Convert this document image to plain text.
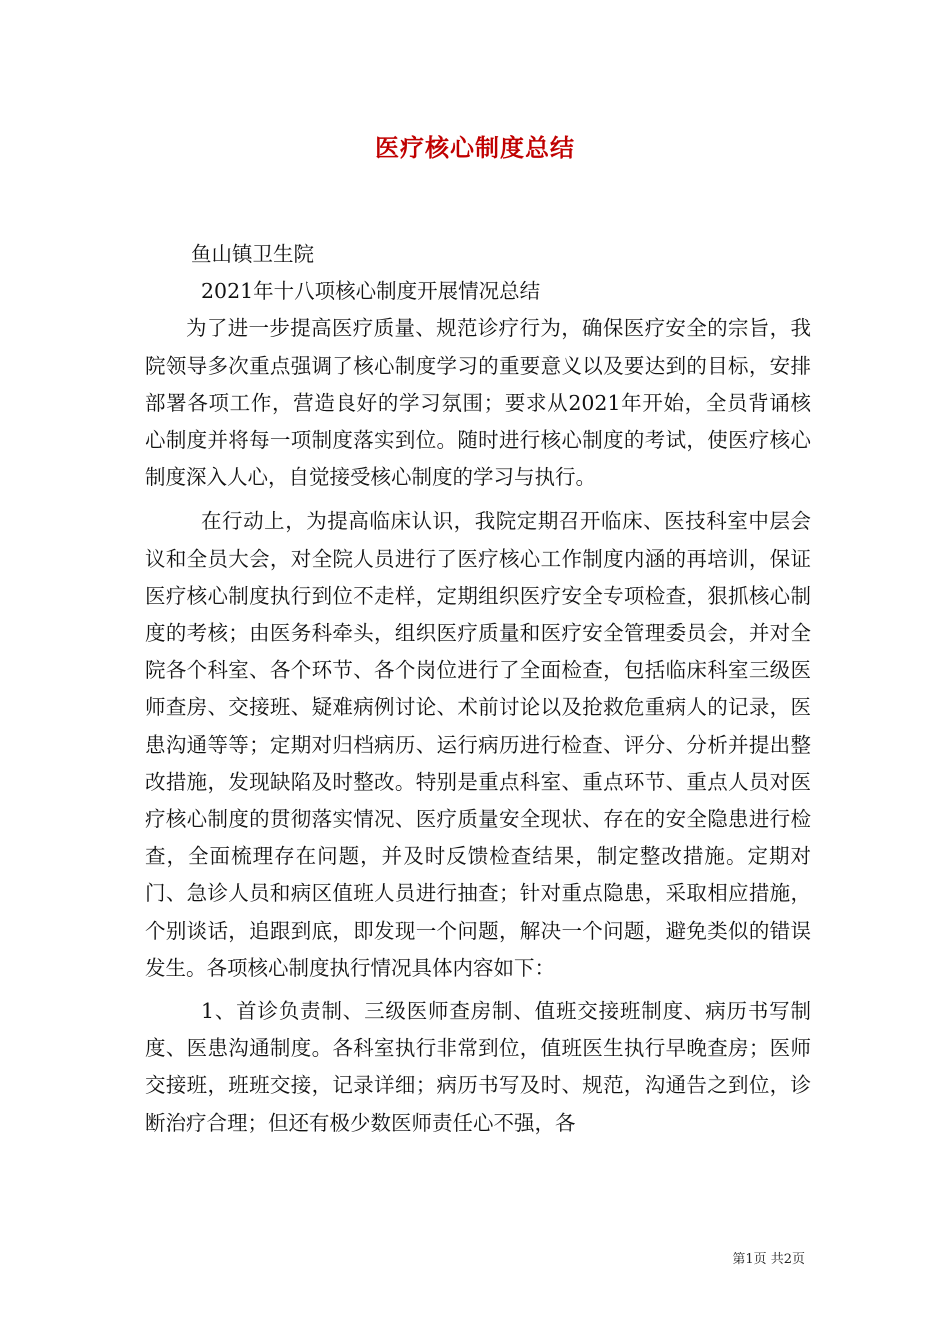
医疗核心制度总结

鱼山镇卫生院

2021年十八项核心制度开展情况总结

为了进一步提高医疗质量、规范诊疗行为，确保医疗安全的宗旨，我院领导多次重点强调了核心制度学习的重要意义以及要达到的目标，安排部署各项工作，营造良好的学习氛围；要求从2021年开始，全员背诵核心制度并将每一项制度落实到位。随时进行核心制度的考试，使医疗核心制度深入人心，自觉接受核心制度的学习与执行。

在行动上，为提高临床认识，我院定期召开临床、医技科室中层会议和全员大会，对全院人员进行了医疗核心工作制度内涵的再培训，保证医疗核心制度执行到位不走样，定期组织医疗安全专项检查，狠抓核心制度的考核；由医务科牵头，组织医疗质量和医疗安全管理委员会，并对全院各个科室、各个环节、各个岗位进行了全面检查，包括临床科室三级医师查房、交接班、疑难病例讨论、术前讨论以及抢救危重病人的记录，医患沟通等等；定期对归档病历、运行病历进行检查、评分、分析并提出整改措施，发现缺陷及时整改。特别是重点科室、重点环节、重点人员对医疗核心制度的贯彻落实情况、医疗质量安全现状、存在的安全隐患进行检查，全面梳理存在问题，并及时反馈检查结果，制定整改措施。定期对门、急诊人员和病区值班人员进行抽查；针对重点隐患，采取相应措施，个别谈话，追跟到底，即发现一个问题，解决一个问题，避免类似的错误发生。各项核心制度执行情况具体内容如下：

1、首诊负责制、三级医师查房制、值班交接班制度、病历书写制度、医患沟通制度。各科室执行非常到位，值班医生执行早晚查房；医师交接班，班班交接，记录详细；病历书写及时、规范，沟通告之到位，诊断治疗合理；但还有极少数医师责任心不强，各

第1页 共2页
